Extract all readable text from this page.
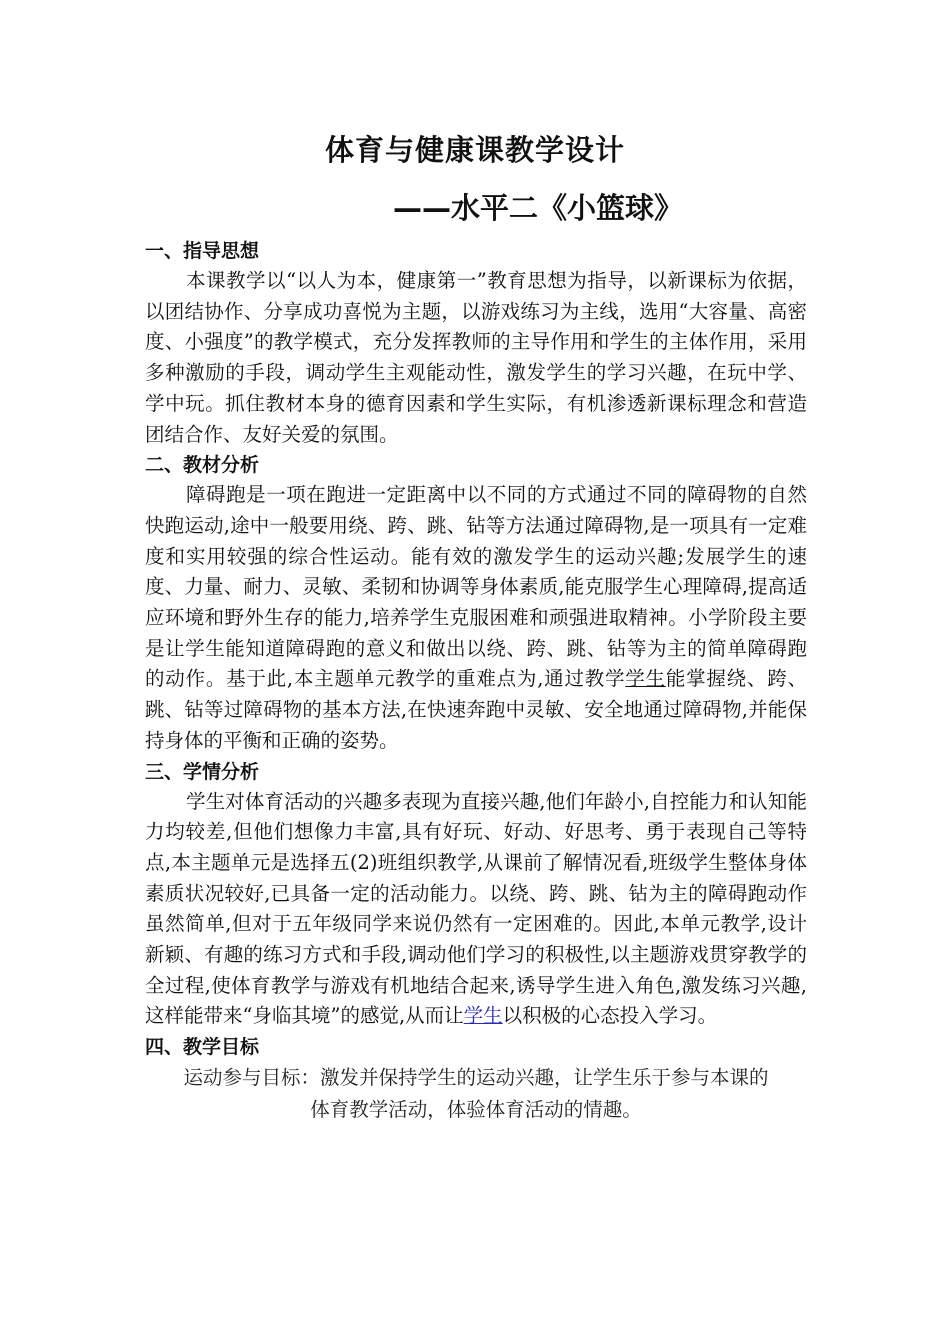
体育与健康课教学设计
——水平二《小篮球》
一、指导思想

本课教学以“以人为本，健康第一”教育思想为指导，以新课标为依据，以团结协作、分享成功喜悦为主题，以游戏练习为主线，选用“大容量、高密度、小强度”的教学模式，充分发挥教师的主导作用和学生的主体作用，采用多种激励的手段，调动学生主观能动性，激发学生的学习兴趣，在玩中学、学中玩。抓住教材本身的德育因素和学生实际，有机渗透新课标理念和营造团结合作、友好关爱的氛围。

二、教材分析

障碍跑是一项在跑进一定距离中以不同的方式通过不同的障碍物的自然快跑运动,途中一般要用绕、跨、跳、钻等方法通过障碍物,是一项具有一定难度和实用较强的综合性运动。能有效的激发学生的运动兴趣;发展学生的速度、力量、耐力、灵敏、柔韧和协调等身体素质,能克服学生心理障碍,提高适应环境和野外生存的能力,培养学生克服困难和顽强进取精神。小学阶段主要是让学生能知道障碍跑的意义和做出以绕、跨、跳、钻等为主的简单障碍跑的动作。基于此,本主题单元教学的重难点为,通过教学学生能掌握绕、跨、跳、钻等过障碍物的基本方法,在快速奔跑中灵敏、安全地通过障碍物,并能保持身体的平衡和正确的姿势。

三、学情分析

学生对体育活动的兴趣多表现为直接兴趣,他们年龄小,自控能力和认知能力均较差,但他们想像力丰富,具有好玩、好动、好思考、勇于表现自己等特点,本主题单元是选择五(2)班组织教学,从课前了解情况看,班级学生整体身体素质状况较好,已具备一定的活动能力。以绕、跨、跳、钻为主的障碍跑动作虽然简单,但对于五年级同学来说仍然有一定困难的。因此,本单元教学,设计新颖、有趣的练习方式和手段,调动他们学习的积极性,以主题游戏贯穿教学的全过程,使体育教学与游戏有机地结合起来,诱导学生进入角色,激发练习兴趣,这样能带来“身临其境”的感觉,从而让学生以积极的心态投入学习。

四、教学目标

运动参与目标：激发并保持学生的运动兴趣，让学生乐于参与本课的

体育教学活动，体验体育活动的情趣。
